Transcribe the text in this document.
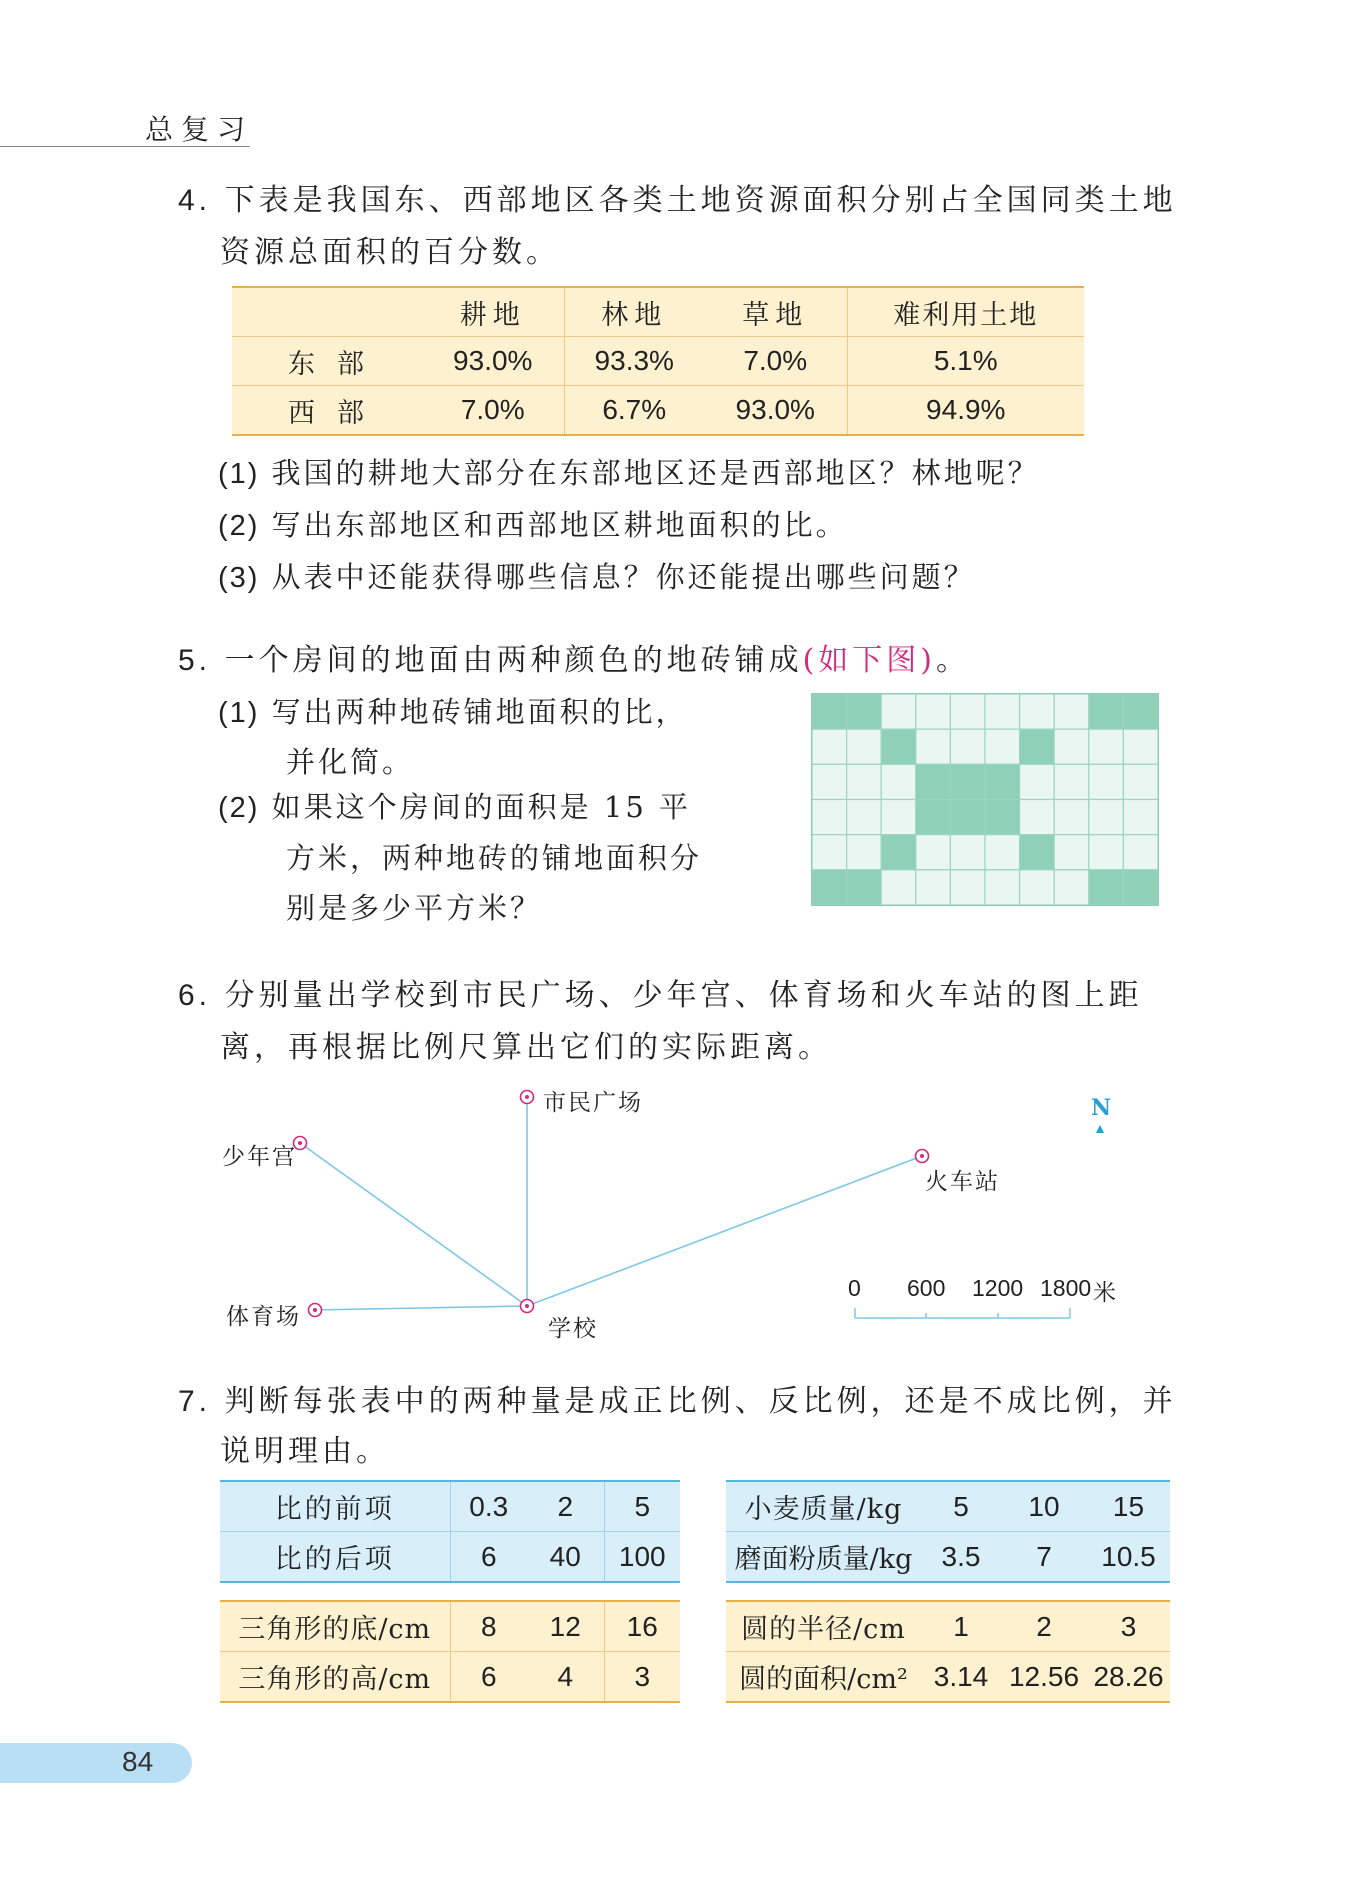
总复习
4. 下表是我国东、西部地区各类土地资源面积分别占全国同类土地
资源总面积的百分数。
	耕地	林地	草地	难利用土地
东部	93.0%	93.3%	7.0%	5.1%
西部	7.0%	6.7%	93.0%	94.9%
(1) 我国的耕地大部分在东部地区还是西部地区？林地呢？
(2) 写出东部地区和西部地区耕地面积的比。
(3) 从表中还能获得哪些信息？你还能提出哪些问题？
5. 一个房间的地面由两种颜色的地砖铺成(如下图)。
(1) 写出两种地砖铺地面积的比，
并化简。
(2) 如果这个房间的面积是 15 平
方米，两种地砖的铺地面积分
别是多少平方米？
6. 分别量出学校到市民广场、少年宫、体育场和火车站的图上距
离，再根据比例尺算出它们的实际距离。
市民广场
少年宫
火车站
体育场	学校
N
0 600 1200 1800 米
7. 判断每张表中的两种量是成正比例、反比例，还是不成比例，并
说明理由。
比的前项	0.3	2	5
比的后项	6	40	100
小麦质量/kg	5	10	15
磨面粉质量/kg	3.5	7	10.5
三角形的底/cm	8	12	16
三角形的高/cm	6	4	3
圆的半径/cm	1	2	3
圆的面积/cm²	3.14	12.56	28.26
84
